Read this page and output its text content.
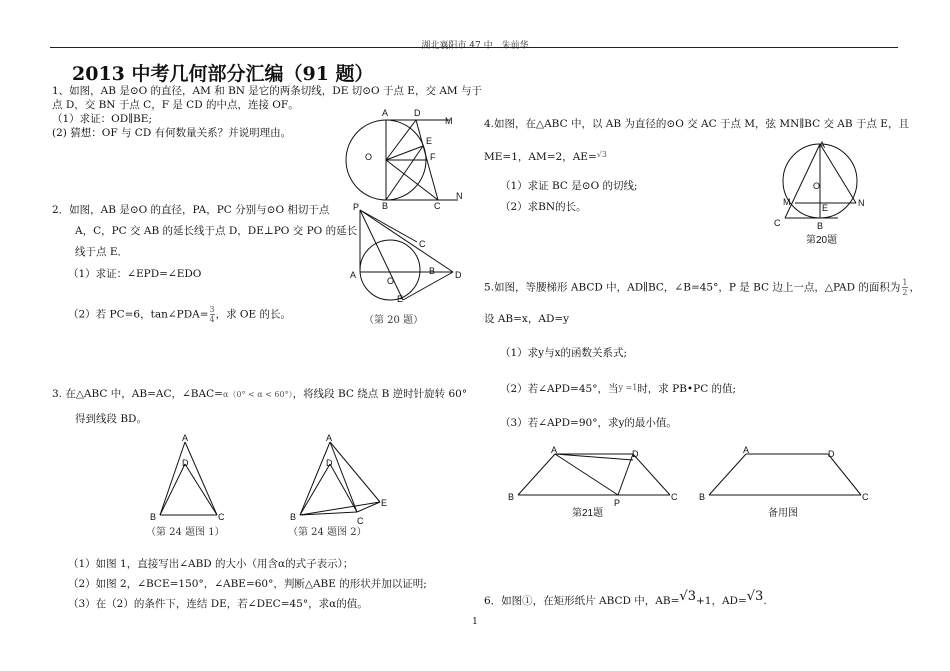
湖北襄阳市 47 中　朱前华
2013 中考几何部分汇编（91 题）
1、如图，AB 是⊙O 的直径，AM 和 BN 是它的两条切线，DE 切⊙O 于点 E，交 AM 与于
点 D，交 BN 于点 C，F 是 CD 的中点，连接 OF。
（1）求证：OD∥BE;
(2) 猜想：OF 与 CD 有何数量关系？并说明理由。
A	D
M
E
O	F
B	C
N
2．如图，AB 是⊙O 的直径，PA，PC 分别与⊙O 相切于点
A，C，PC 交 AB 的延长线于点 D，DE⊥PO 交 PO 的延长
线于点 E．
（1）求证：∠EPD=∠EDO
（2）若 PC=6，tan∠PDA= $\frac{3}{4}$ ，求 OE 的长。
P
C
A	B D
O
E
（第 20 题）
3. 在△ABC 中，AB=AC，∠BAC=α（0° < α < 60°），将线段 BC 绕点 B 逆时针旋转 60°
得到线段 BD。
A
D
B	C
（第 24 题图 1）
A
D
E
B	C
（第 24 题图 2）
（1）如图 1，直接写出∠ABD 的大小（用含α的式子表示）；
（2）如图 2，∠BCE=150°，∠ABE=60°，判断△ABE 的形状并加以证明;
（3）在（2）的条件下，连结 DE，若∠DEC=45°，求α的值。
4.如图，在△ABC 中，以 AB 为直径的⊙O 交 AC 于点 M，弦 MN∥BC 交 AB 于点 E，且
ME=1，AM=2，AE=$^{√3}$
（1）求证 BC 是⊙O 的切线;
（2）求BN的长。
A
O
M
E	N
C	B
第20题
5.如图，等腰梯形 ABCD 中，AD∥BC，∠B=45°，P 是 BC 边上一点，△PAD 的面积为 $\frac{1}{2}$ ，
设 AB=x，AD=y
（1）求y与x的函数关系式;
（2）若∠APD=45°，当y =1时，求 PB•PC 的值;
（3）若∠APD=90°，求y的最小值。
A	D
B
P
C
第21题
A	D
B	C
备用图
6．如图①，在矩形纸片 ABCD 中，AB=√3+1，AD=√3.
1
